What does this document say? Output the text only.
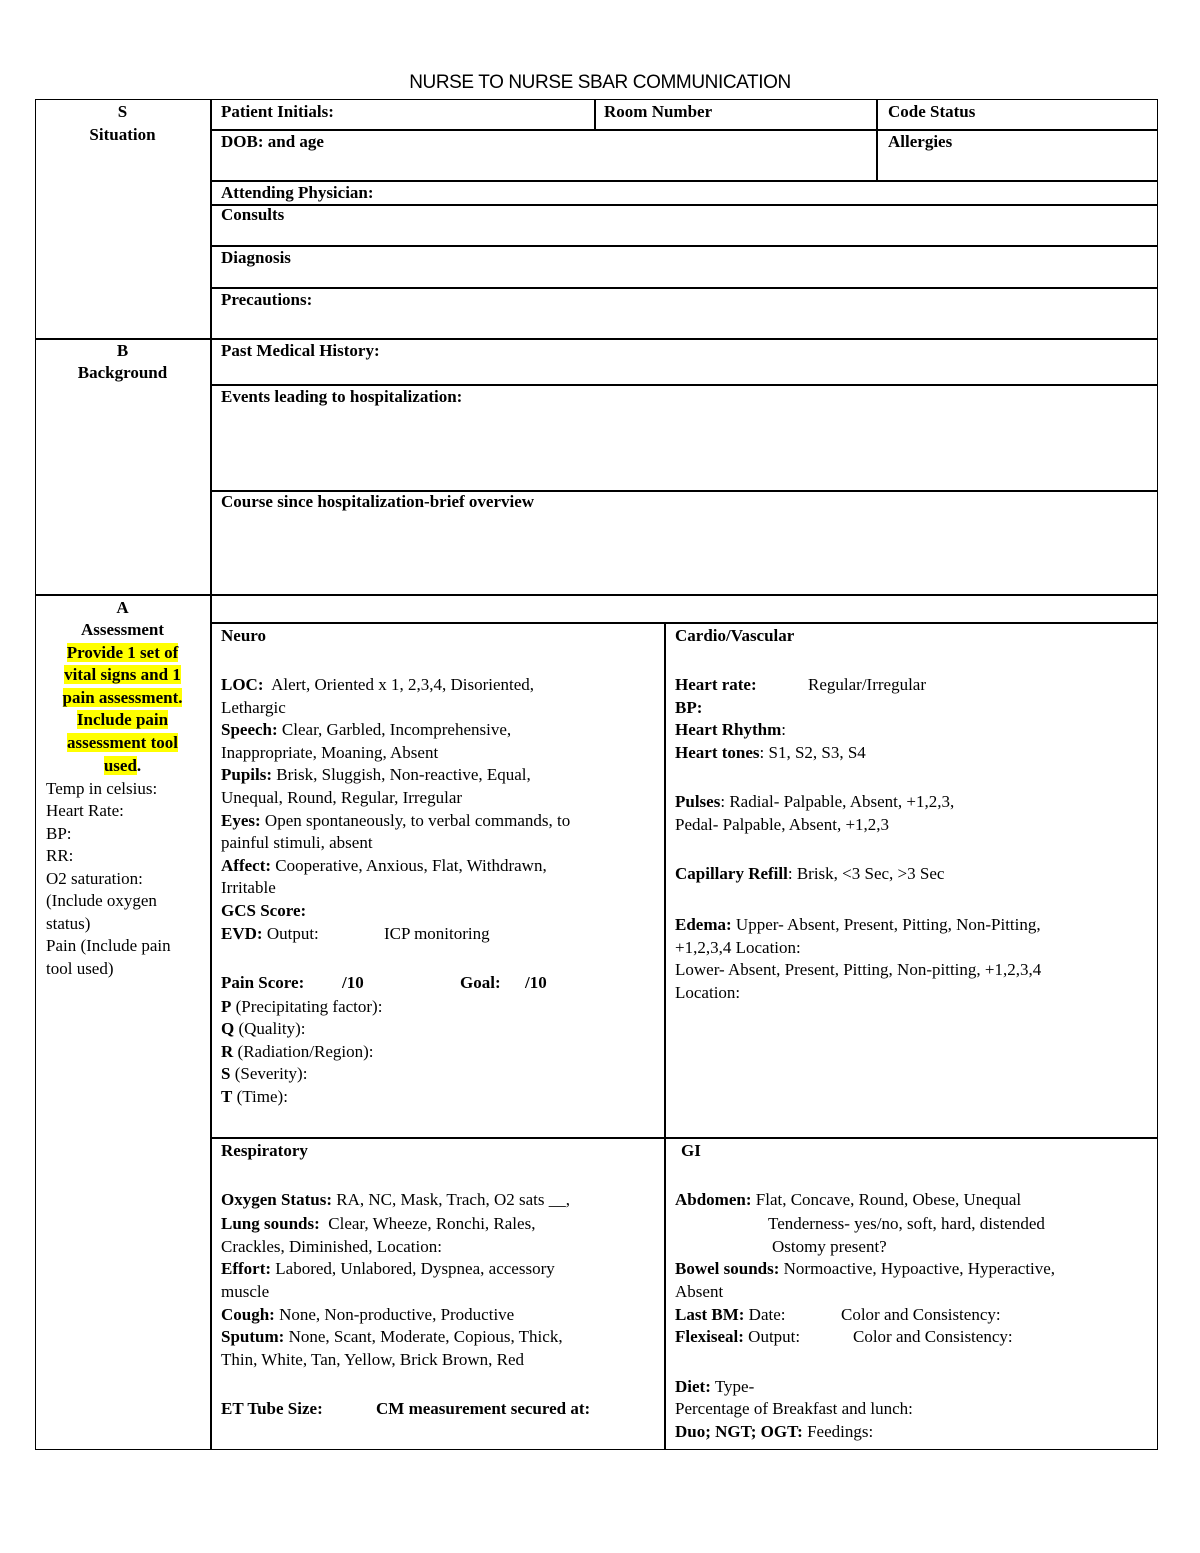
NURSE TO NURSE SBAR COMMUNICATION
S
Situation
Patient Initials:	Room Number	Code Status
DOB: and age	Allergies
Attending Physician:
Consults
Diagnosis
Precautions:
B
Background
Past Medical History:
Events leading to hospitalization:
Course since hospitalization-brief overview
A
Assessment
Provide 1 set of
vital signs and 1
pain assessment.
Include pain
assessment tool
used.
Temp in celsius:
Heart Rate:
BP:
RR:
O2 saturation:
(Include oxygen
status)
Pain (Include pain
tool used)
Neuro
LOC: Alert, Oriented x 1, 2,3,4, Disoriented,
Lethargic
Speech: Clear, Garbled, Incomprehensive,
Inappropriate, Moaning, Absent
Pupils: Brisk, Sluggish, Non-reactive, Equal,
Unequal, Round, Regular, Irregular
Eyes: Open spontaneously, to verbal commands, to
painful stimuli, absent
Affect: Cooperative, Anxious, Flat, Withdrawn,
Irritable
GCS Score:
EVD: Output:	ICP monitoring
Pain Score: /10	Goal: /10
P (Precipitating factor):
Q (Quality):
R (Radiation/Region):
S (Severity):
T (Time):
Cardio/Vascular
Heart rate:	Regular/Irregular
BP:
Heart Rhythm:
Heart tones: S1, S2, S3, S4
Pulses: Radial- Palpable, Absent, +1,2,3,
Pedal- Palpable, Absent, +1,2,3
Capillary Refill: Brisk, <3 Sec, >3 Sec
Edema: Upper- Absent, Present, Pitting, Non-Pitting,
+1,2,3,4 Location:
Lower- Absent, Present, Pitting, Non-pitting, +1,2,3,4
Location:
Respiratory
Oxygen Status: RA, NC, Mask, Trach, O2 sats __,
Lung sounds: Clear, Wheeze, Ronchi, Rales,
Crackles, Diminished, Location:
Effort: Labored, Unlabored, Dyspnea, accessory
muscle
Cough: None, Non-productive, Productive
Sputum: None, Scant, Moderate, Copious, Thick,
Thin, White, Tan, Yellow, Brick Brown, Red
ET Tube Size:	CM measurement secured at:
GI
Abdomen: Flat, Concave, Round, Obese, Unequal
Tenderness- yes/no, soft, hard, distended
Ostomy present?
Bowel sounds: Normoactive, Hypoactive, Hyperactive,
Absent
Last BM: Date:	Color and Consistency:
Flexiseal: Output:	Color and Consistency:
Diet: Type-
Percentage of Breakfast and lunch:
Duo; NGT; OGT: Feedings:
